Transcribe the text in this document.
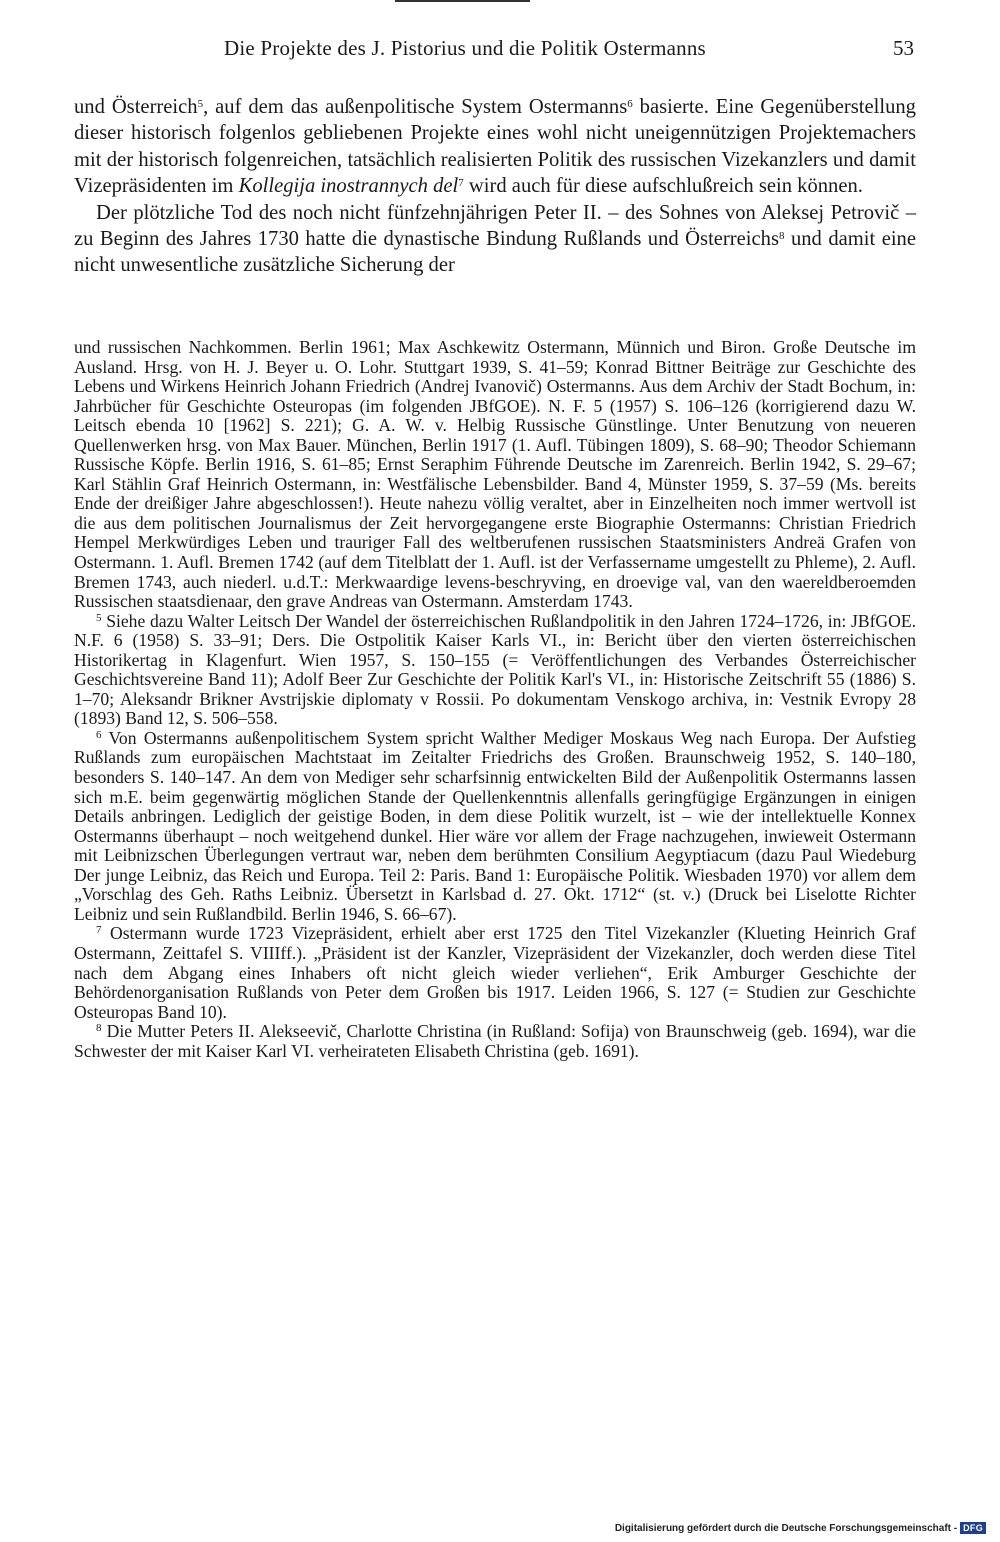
Die Projekte des J. Pistorius und die Politik Ostermanns	53

und Österreich$^5$, auf dem das außenpolitische System Ostermanns$^6$ basierte. Eine Gegenüberstellung dieser historisch folgenlos gebliebenen Projekte eines wohl nicht uneigennützigen Projektemachers mit der historisch folgenreichen, tatsächlich realisierten Politik des russischen Vizekanzlers und damit Vizepräsidenten im Kollegija inostrannych del$^7$ wird auch für diese aufschlußreich sein können.

Der plötzliche Tod des noch nicht fünfzehnjährigen Peter II. – des Sohnes von Aleksej Petrovič – zu Beginn des Jahres 1730 hatte die dynastische Bindung Rußlands und Österreichs$^8$ und damit eine nicht unwesentliche zusätzliche Sicherung der

und russischen Nachkommen. Berlin 1961; Max Aschkewitz Ostermann, Münnich und Biron. Große Deutsche im Ausland. Hrsg. von H. J. Beyer u. O. Lohr. Stuttgart 1939, S. 41–59; Konrad Bittner Beiträge zur Geschichte des Lebens und Wirkens Heinrich Johann Friedrich (Andrej Ivanovič) Ostermanns. Aus dem Archiv der Stadt Bochum, in: Jahrbücher für Geschichte Osteuropas (im folgenden JBfGOE). N. F. 5 (1957) S. 106–126 (korrigierend dazu W. Leitsch ebenda 10 [1962] S. 221); G. A. W. v. Helbig Russische Günstlinge. Unter Benutzung von neueren Quellenwerken hrsg. von Max Bauer. München, Berlin 1917 (1. Aufl. Tübingen 1809), S. 68–90; Theodor Schiemann Russische Köpfe. Berlin 1916, S. 61–85; Ernst Seraphim Führende Deutsche im Zarenreich. Berlin 1942, S. 29–67; Karl Stählin Graf Heinrich Ostermann, in: Westfälische Lebensbilder. Band 4, Münster 1959, S. 37–59 (Ms. bereits Ende der dreißiger Jahre abgeschlossen!). Heute nahezu völlig veraltet, aber in Einzelheiten noch immer wertvoll ist die aus dem politischen Journalismus der Zeit hervorgegangene erste Biographie Ostermanns: Christian Friedrich Hempel Merkwürdiges Leben und trauriger Fall des weltberufenen russischen Staatsministers Andreä Grafen von Ostermann. 1. Aufl. Bremen 1742 (auf dem Titelblatt der 1. Aufl. ist der Verfassername umgestellt zu Phleme), 2. Aufl. Bremen 1743, auch niederl. u.d.T.: Merkwaardige levens-beschryving, en droevige val, van den waereldberoemden Russischen staatsdienaar, den grave Andreas van Ostermann. Amsterdam 1743.

$^5$ Siehe dazu Walter Leitsch Der Wandel der österreichischen Rußlandpolitik in den Jahren 1724–1726, in: JBfGOE. N.F. 6 (1958) S. 33–91; Ders. Die Ostpolitik Kaiser Karls VI., in: Bericht über den vierten österreichischen Historikertag in Klagenfurt. Wien 1957, S. 150–155 (= Veröffentlichungen des Verbandes Österreichischer Geschichtsvereine Band 11); Adolf Beer Zur Geschichte der Politik Karl's VI., in: Historische Zeitschrift 55 (1886) S. 1–70; Aleksandr Brikner Avstrijskie diplomaty v Rossii. Po dokumentam Venskogo archiva, in: Vestnik Evropy 28 (1893) Band 12, S. 506–558.

$^6$ Von Ostermanns außenpolitischem System spricht Walther Mediger Moskaus Weg nach Europa. Der Aufstieg Rußlands zum europäischen Machtstaat im Zeitalter Friedrichs des Großen. Braunschweig 1952, S. 140–180, besonders S. 140–147. An dem von Mediger sehr scharfsinnig entwickelten Bild der Außenpolitik Ostermanns lassen sich m.E. beim gegenwärtig möglichen Stande der Quellenkenntnis allenfalls geringfügige Ergänzungen in einigen Details anbringen. Lediglich der geistige Boden, in dem diese Politik wurzelt, ist – wie der intellektuelle Konnex Ostermanns überhaupt – noch weitgehend dunkel. Hier wäre vor allem der Frage nachzugehen, inwieweit Ostermann mit Leibnizschen Überlegungen vertraut war, neben dem berühmten Consilium Aegyptiacum (dazu Paul Wiedeburg Der junge Leibniz, das Reich und Europa. Teil 2: Paris. Band 1: Europäische Politik. Wiesbaden 1970) vor allem dem „Vorschlag des Geh. Raths Leibniz. Übersetzt in Karlsbad d. 27. Okt. 1712“ (st. v.) (Druck bei Liselotte Richter Leibniz und sein Rußlandbild. Berlin 1946, S. 66–67).

$^7$ Ostermann wurde 1723 Vizepräsident, erhielt aber erst 1725 den Titel Vizekanzler (Klueting Heinrich Graf Ostermann, Zeittafel S. VIIIff.). „Präsident ist der Kanzler, Vizepräsident der Vizekanzler, doch werden diese Titel nach dem Abgang eines Inhabers oft nicht gleich wieder verliehen“, Erik Amburger Geschichte der Behördenorganisation Rußlands von Peter dem Großen bis 1917. Leiden 1966, S. 127 (= Studien zur Geschichte Osteuropas Band 10).

$^8$ Die Mutter Peters II. Alekseevič, Charlotte Christina (in Rußland: Sofija) von Braunschweig (geb. 1694), war die Schwester der mit Kaiser Karl VI. verheirateten Elisabeth Christina (geb. 1691).

Digitalisierung gefördert durch die Deutsche Forschungsgemeinschaft - DFG
